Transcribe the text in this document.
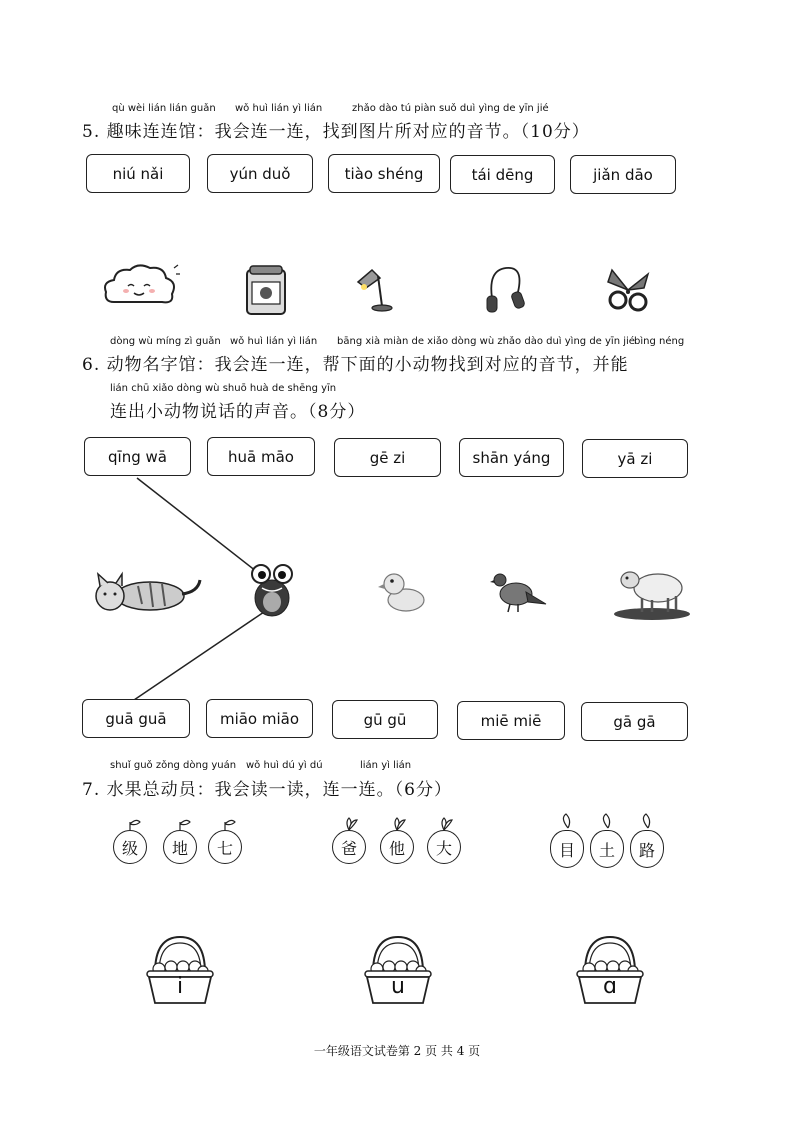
qù wèi lián lián guǎn wǒ huì lián yì lián	zhǎo dào tú piàn suǒ duì yìng de yīn jié
5. 趣味连连馆：我会连一连，找到图片所对应的音节。（10分）
niú nǎi	yún duǒ	tiào shéng	tái dēng	jiǎn dāo
dòng wù míng zì guǎn wǒ huì lián yì lián bāng xià miàn de xiǎo dòng wù zhǎo dào duì yìng de yīn jié bìng néng
6. 动物名字馆：我会连一连，帮下面的小动物找到对应的音节，并能
lián chū xiǎo dòng wù shuō huà de shēng yīn
连出小动物说话的声音。（8分）
qīng wā	huā māo	gē zi	shān yáng	yā zi
guā guā	miāo miāo	gū gū	miē miē	gā gā
shuǐ guǒ zǒng dòng yuán wǒ huì dú yì dú	lián yì lián
7. 水果总动员：我会读一读，连一连。（6分）
级	地	七	爸	他	大	目	土	路
i	u	ɑ
一年级语文试卷第 2 页 共 4 页
